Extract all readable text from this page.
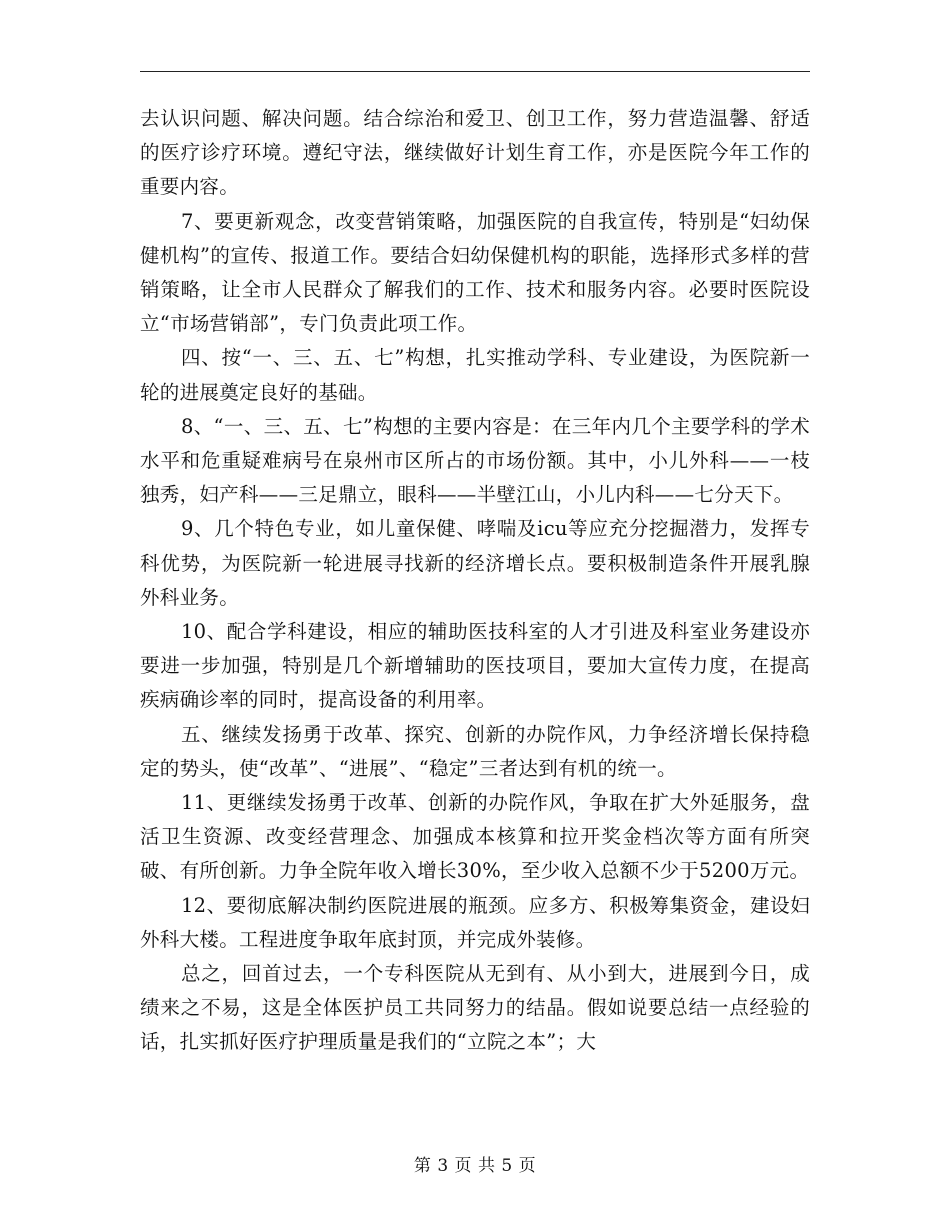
去认识问题、解决问题。结合综治和爱卫、创卫工作，努力营造温馨、舒适的医疗诊疗环境。遵纪守法，继续做好计划生育工作，亦是医院今年工作的重要内容。

7、要更新观念，改变营销策略，加强医院的自我宣传，特别是“妇幼保健机构”的宣传、报道工作。要结合妇幼保健机构的职能，选择形式多样的营销策略，让全市人民群众了解我们的工作、技术和服务内容。必要时医院设立“市场营销部”，专门负责此项工作。

四、按“一、三、五、七”构想，扎实推动学科、专业建设，为医院新一轮的进展奠定良好的基础。

8、“一、三、五、七”构想的主要内容是：在三年内几个主要学科的学术水平和危重疑难病号在泉州市区所占的市场份额。其中，小儿外科——一枝独秀，妇产科——三足鼎立，眼科——半壁江山，小儿内科——七分天下。

9、几个特色专业，如儿童保健、哮喘及icu等应充分挖掘潜力，发挥专科优势，为医院新一轮进展寻找新的经济增长点。要积极制造条件开展乳腺外科业务。

10、配合学科建设，相应的辅助医技科室的人才引进及科室业务建设亦要进一步加强，特别是几个新增辅助的医技项目，要加大宣传力度，在提高疾病确诊率的同时，提高设备的利用率。

五、继续发扬勇于改革、探究、创新的办院作风，力争经济增长保持稳定的势头，使“改革”、“进展”、“稳定”三者达到有机的统一。

11、更继续发扬勇于改革、创新的办院作风，争取在扩大外延服务，盘活卫生资源、改变经营理念、加强成本核算和拉开奖金档次等方面有所突破、有所创新。力争全院年收入增长30%，至少收入总额不少于5200万元。

12、要彻底解决制约医院进展的瓶颈。应多方、积极筹集资金，建设妇外科大楼。工程进度争取年底封顶，并完成外装修。

总之，回首过去，一个专科医院从无到有、从小到大，进展到今日，成绩来之不易，这是全体医护员工共同努力的结晶。假如说要总结一点经验的话，扎实抓好医疗护理质量是我们的“立院之本”；大

第 3 页 共 5 页
